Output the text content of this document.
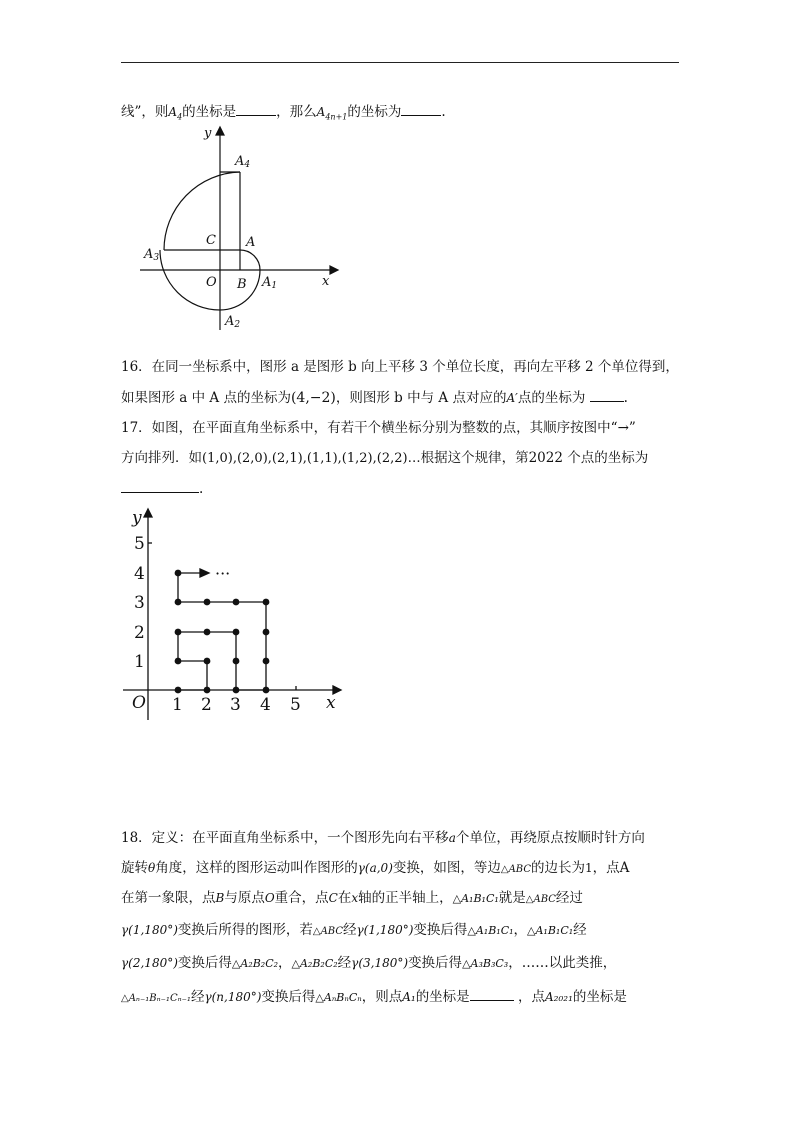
线”，则$A_4$的坐标是	，那么$A_{4n+1}$的坐标为	.
y
x
A4
C A
A3
O B A1
A2
16．在同一坐标系中，图形 a 是图形 b 向上平移 3 个单位长度，再向左平移 2 个单位得到，
如果图形 a 中 A 点的坐标为(4,−2)，则图形 b 中与 A 点对应的A′点的坐标为	.
17．如图，在平面直角坐标系中，有若干个横坐标分别为整数的点，其顺序按图中“→”
方向排列．如(1,0),(2,0),(2,1),(1,1),(1,2),(2,2)…根据这个规律，第2022 个点的坐标为
.
···
y
x
O 1 2 3 4 5
1
2
3
4
5
18．定义：在平面直角坐标系中，一个图形先向右平移a个单位，再绕原点按顺时针方向
旋转θ角度，这样的图形运动叫作图形的γ(a,0)变换，如图，等边△ABC的边长为1，点A
在第一象限，点B与原点O重合，点C在x轴的正半轴上，△A₁B₁C₁就是△ABC经过
γ(1,180°)变换后所得的图形，若△ABC经γ(1,180°)变换后得△A₁B₁C₁，△A₁B₁C₁经
γ(2,180°)变换后得△A₂B₂C₂，△A₂B₂C₂经γ(3,180°)变换后得△A₃B₃C₃，……以此类推，
△Aₙ₋₁Bₙ₋₁Cₙ₋₁经γ(n,180°)变换后得△AₙBₙCₙ，则点A₁的坐标是	，点A₂₀₂₁的坐标是
